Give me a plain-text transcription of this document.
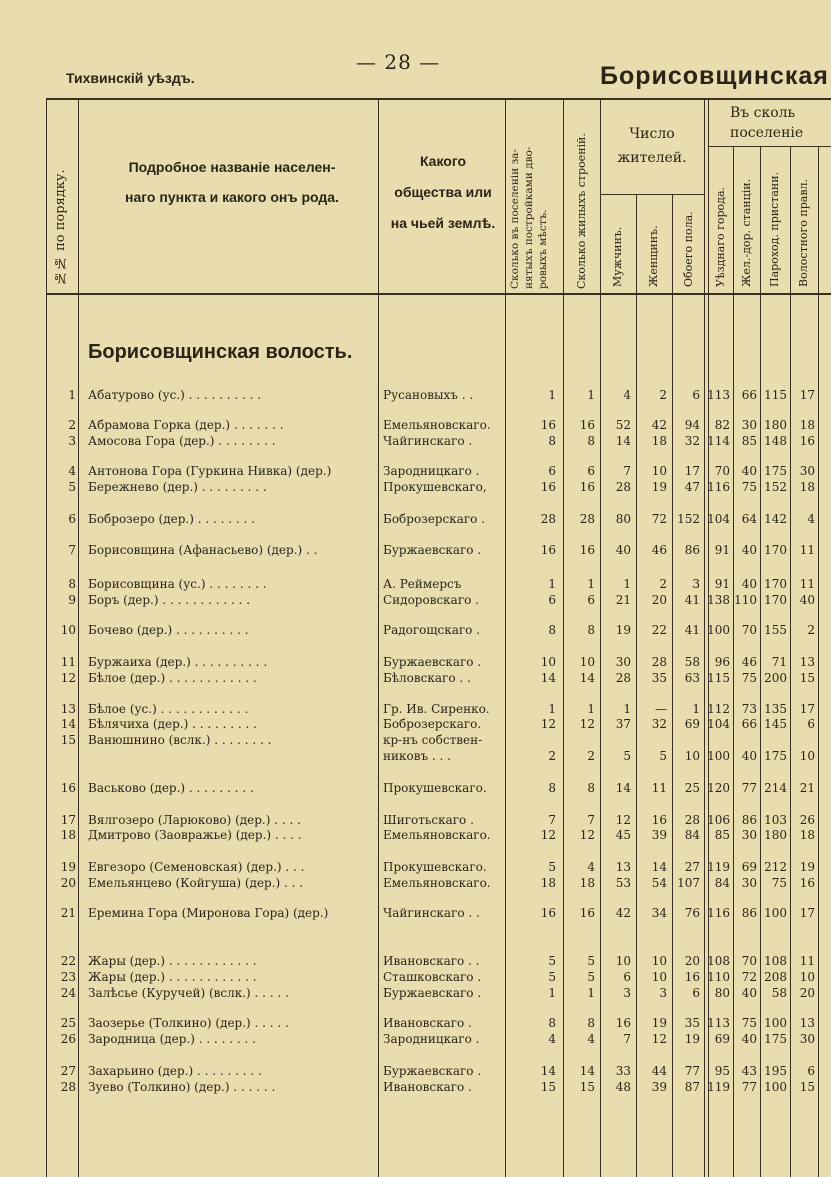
— 28 —
Тихвинскій уѣздъ.	Борисовщинская
№№ по порядку.
Подробное названіе населен-
наго пункта и какого онъ рода.
Какого
общества или
на чьей землѣ.
Сколько въ поселеніи за-
нятыхъ постройками дво-
ровыхъ мѣстъ. Сколько жилыхъ строеній.	Число
жителей.
Мужчинъ. Женщинъ. Обоего пола.
Въ сколь
поселеніе
Уѣзднаго города. Жел.-дор. станціи. Пароход. пристани. Волостного правл.
Борисовщинская волость.
1 Абатурово (ус.) . . . . . . . . . .	Русановыхъ . .	1	1 4 2 6 113 66 115 17
2 Абрамова Горка (дер.) . . . . . . .	Емельяновскаго.	16 16 52 42 94 82 30 180 18
3 Амосова Гора (дер.) . . . . . . . .	Чайгинскаго .	8	8 14 18 32 114 85 148 16
4 Антонова Гора (Гуркина Нивка) (дер.)	Зародницкаго .	6	6 7 10 17 70 40 175 30
5 Бережнево (дер.) . . . . . . . . .	Прокушевскаго,	16 16 28 19 47 116 75 152 18
6 Боброзеро (дер.) . . . . . . . .	Боброзерскаго .	28 28 80 72 152 104 64 142 4
7 Борисовщина (Афанасьево) (дер.) . .	Буржаевскаго .	16 16 40 46 86 91 40 170 11
8 Борисовщина (ус.) . . . . . . . .	А. Реймерсъ	1	1 1 2 3 91 40 170 11
9 Боръ (дер.) . . . . . . . . . . . .	Сидоровскаго .	6	6 21 20 41 138 110 170 40
10 Бочево (дер.) . . . . . . . . . .	Радогощскаго .	8	8 19 22 41 100 70 155 2
11 Буржаиха (дер.) . . . . . . . . . .	Буржаевскаго .	10 10 30 28 58 96 46 71 13
12 Бѣлое (дер.) . . . . . . . . . . . .	Бѣловскаго . .	14 14 28 35 63 115 75 200 15
13 Бѣлое (ус.) . . . . . . . . . . . .	Гр. Ив. Сиренко.	1	1 1 — 1 112 73 135 17
14 Бѣлячиха (дер.) . . . . . . . . .	Боброзерскаго.	12 12 37 32 69 104 66 145 6
15 Ванюшнино (вслк.) . . . . . . . .	кр-нъ собствен-
никовъ . . .	2	2 5 5 10 100 40 175 10
16 Васьково (дер.) . . . . . . . . .	Прокушевскаго.	8	8 14 11 25 120 77 214 21
17 Вялгозеро (Ларюково) (дер.) . . . .	Шиготьскаго .	7	7 12 16 28 106 86 103 26
18 Дмитрово (Заовражье) (дер.) . . . .	Емельяновскаго.	12 12 45 39 84 85 30 180 18
19 Евгезоро (Семеновская) (дер.) . . .	Прокушевскаго.	5	4 13 14 27 119 69 212 19
20 Емельянцево (Койгуша) (дер.) . . .	Емельяновскаго.	18 18 53 54 107 84 30 75 16
21 Еремина Гора (Миронова Гора) (дер.)	Чайгинскаго . .	16 16 42 34 76 116 86 100 17
22 Жары (дер.) . . . . . . . . . . . .	Ивановскаго . .	5	5 10 10 20 108 70 108 11
23 Жары (дер.) . . . . . . . . . . . .	Сташковскаго .	5	5 6 10 16 110 72 208 10
24 Залѣсье (Куручей) (вслк.) . . . . .	Буржаевскаго .	1	1 3 3 6 80 40 58 20
25 Заозерье (Толкино) (дер.) . . . . .	Ивановскаго .	8	8 16 19 35 113 75 100 13
26 Зародница (дер.) . . . . . . . .	Зародницкаго .	4	4 7 12 19 69 40 175 30
27 Захарьино (дер.) . . . . . . . . .	Буржаевскаго .	14 14 33 44 77 95 43 195 6
28 Зуево (Толкино) (дер.) . . . . . .	Ивановскаго .	15 15 48 39 87 119 77 100 15
